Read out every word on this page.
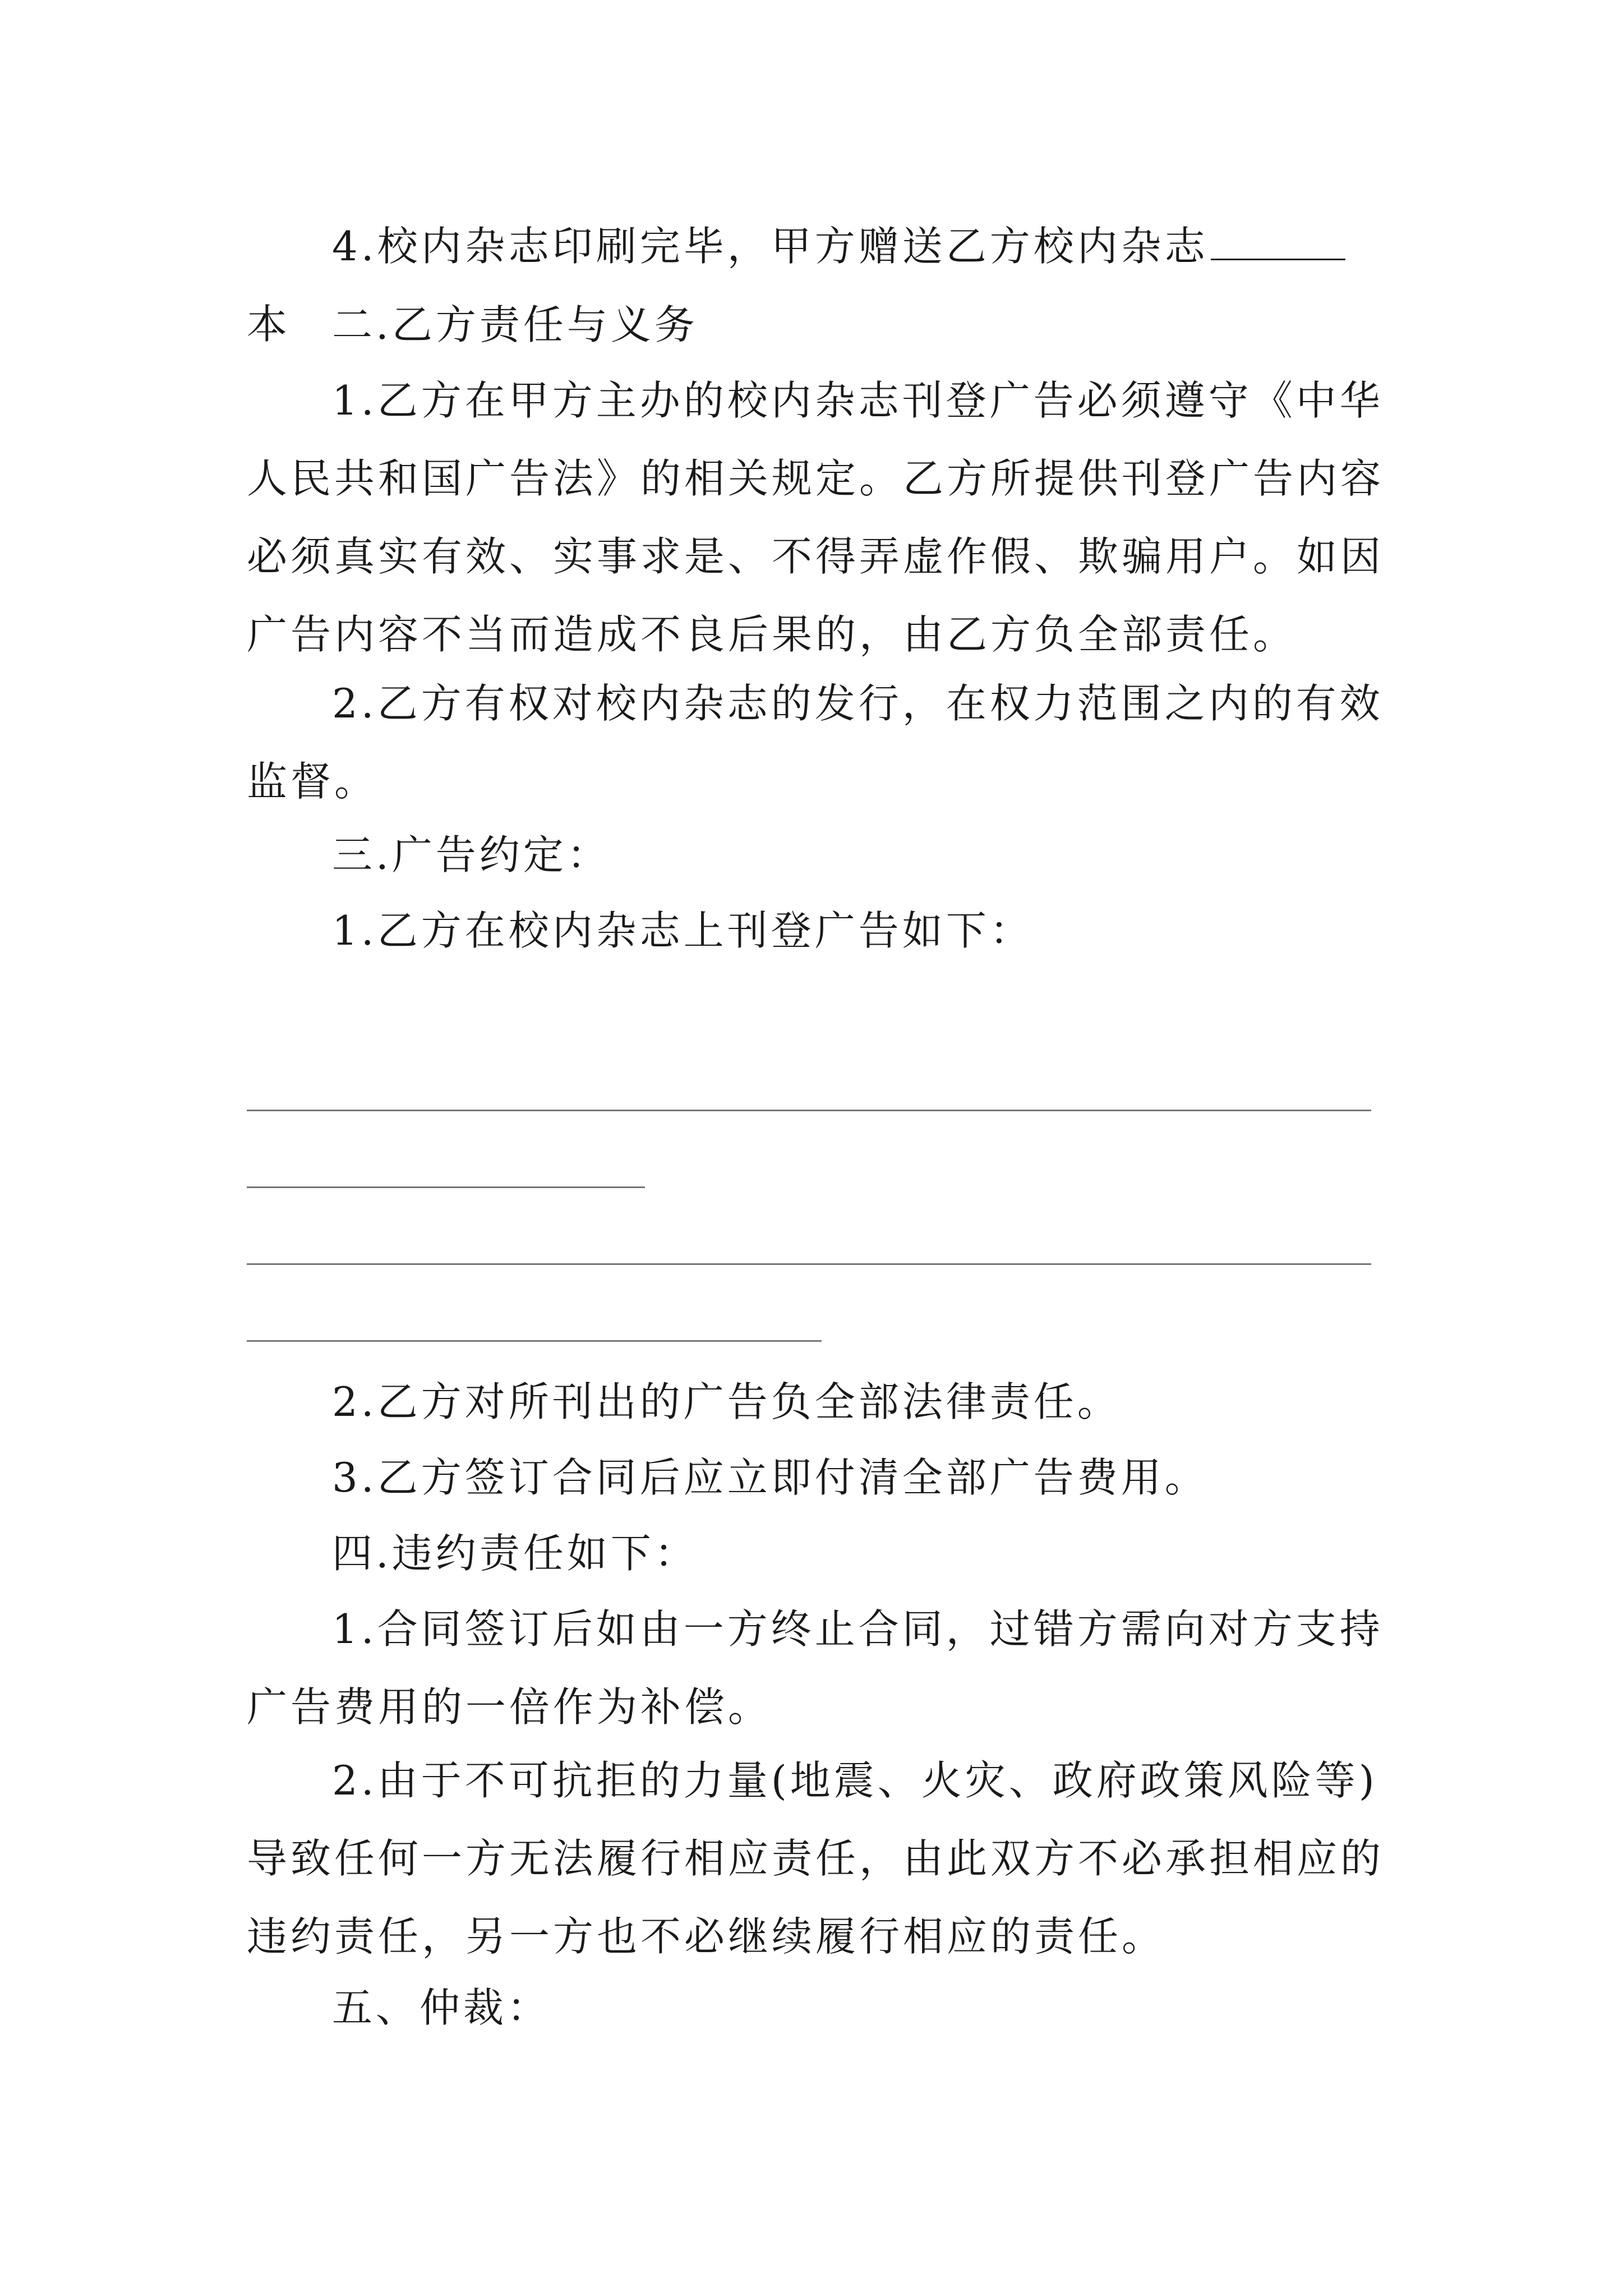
4.校内杂志印刷完毕，甲方赠送乙方校内杂志本	二.乙方责任与义务

1.乙方在甲方主办的校内杂志刊登广告必须遵守《中华人民共和国广告法》的相关规定。乙方所提供刊登广告内容必须真实有效、实事求是、不得弄虚作假、欺骗用户。如因广告内容不当而造成不良后果的，由乙方负全部责任。

2.乙方有权对校内杂志的发行，在权力范围之内的有效监督。

三.广告约定：

1.乙方在校内杂志上刊登广告如下：

2.乙方对所刊出的广告负全部法律责任。

3.乙方签订合同后应立即付清全部广告费用。

四.违约责任如下：

1.合同签订后如由一方终止合同，过错方需向对方支持广告费用的一倍作为补偿。

2.由于不可抗拒的力量(地震、火灾、政府政策风险等)导致任何一方无法履行相应责任，由此双方不必承担相应的违约责任，另一方也不必继续履行相应的责任。

五、仲裁：
